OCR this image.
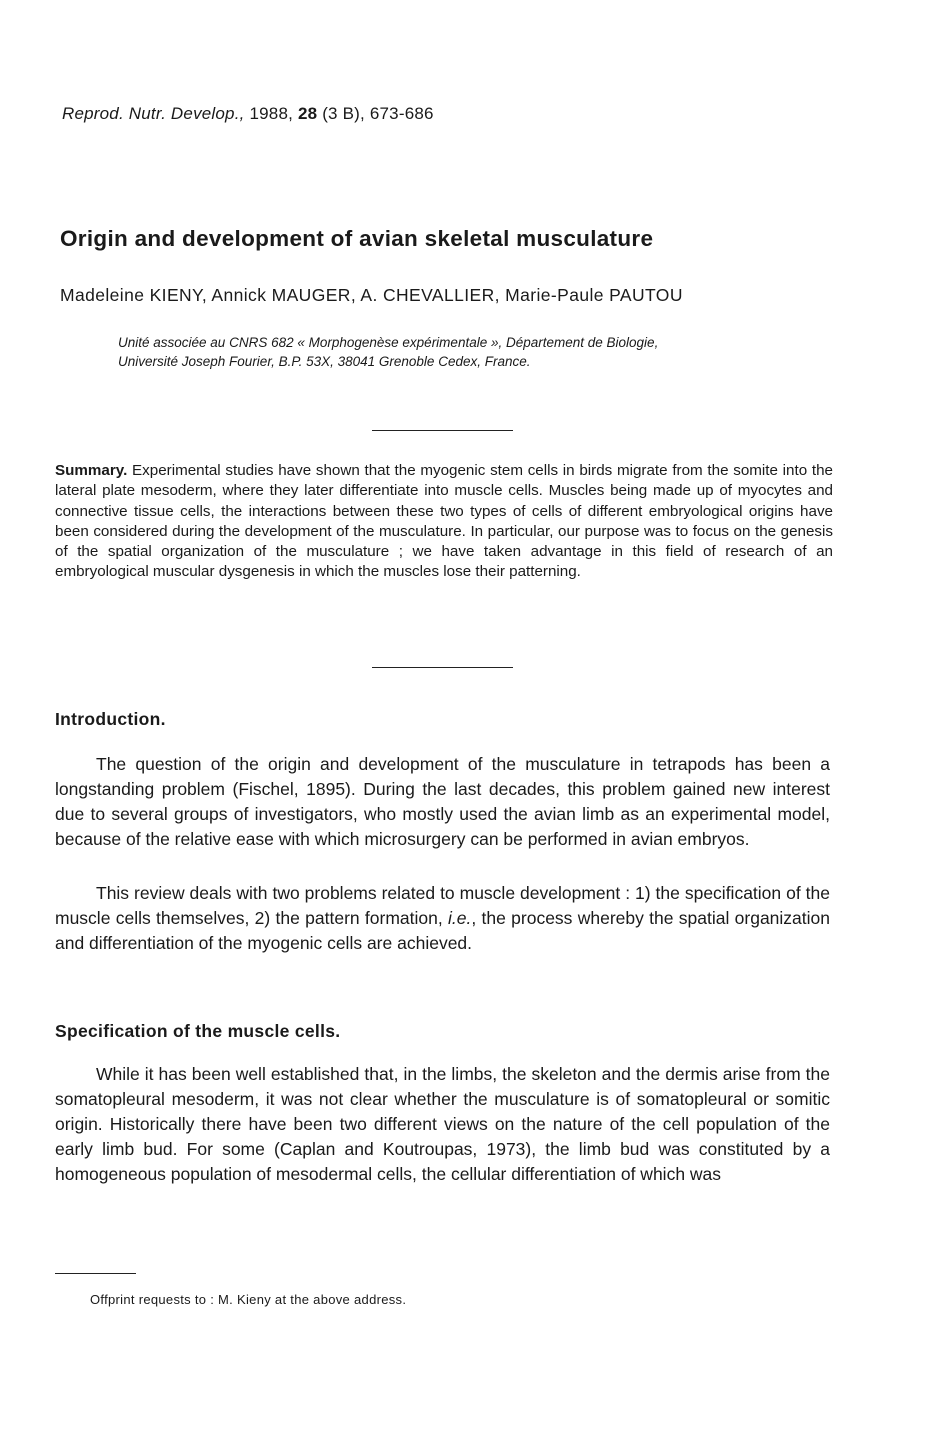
Reprod. Nutr. Develop., 1988, 28 (3 B), 673-686
Origin and development of avian skeletal musculature
Madeleine KIENY, Annick MAUGER, A. CHEVALLIER, Marie-Paule PAUTOU
Unité associée au CNRS 682 « Morphogenèse expérimentale », Département de Biologie,
Université Joseph Fourier, B.P. 53X, 38041 Grenoble Cedex, France.
Summary. Experimental studies have shown that the myogenic stem cells in birds migrate from the somite into the lateral plate mesoderm, where they later differentiate into muscle cells. Muscles being made up of myocytes and connective tissue cells, the interactions between these two types of cells of different embryological origins have been considered during the development of the musculature. In particular, our purpose was to focus on the genesis of the spatial organization of the musculature ; we have taken advantage in this field of research of an embryological muscular dysgenesis in which the muscles lose their patterning.
Introduction.
The question of the origin and development of the musculature in tetrapods has been a longstanding problem (Fischel, 1895). During the last decades, this problem gained new interest due to several groups of investigators, who mostly used the avian limb as an experimental model, because of the relative ease with which microsurgery can be performed in avian embryos.
This review deals with two problems related to muscle development : 1) the specification of the muscle cells themselves, 2) the pattern formation, i.e., the process whereby the spatial organization and differentiation of the myogenic cells are achieved.
Specification of the muscle cells.
While it has been well established that, in the limbs, the skeleton and the dermis arise from the somatopleural mesoderm, it was not clear whether the musculature is of somatopleural or somitic origin. Historically there have been two different views on the nature of the cell population of the early limb bud. For some (Caplan and Koutroupas, 1973), the limb bud was constituted by a homogeneous population of mesodermal cells, the cellular differentiation of which was
Offprint requests to : M. Kieny at the above address.
